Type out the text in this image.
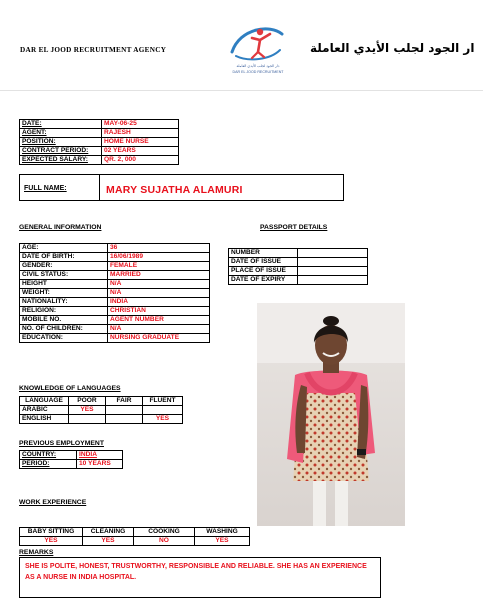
DAR EL JOOD RECRUITMENT AGENCY
دار الجود لجلب الأيدي العاملة
DAR EL JOOD RECRUITMENT
ار الجود لجلب الأيدي العاملة
DATE:	MAY-06-25
AGENT:	RAJESH
POSITION:	HOME NURSE
CONTRACT PERIOD:	02 YEARS
EXPECTED SALARY:	QR. 2, 000
FULL NAME:	MARY SUJATHA ALAMURI
GENERAL INFORMATION
AGE:	36
DATE OF BIRTH:	16/06/1989
GENDER:	FEMALE
CIVIL STATUS:	MARRIED
HEIGHT	N/A
WEIGHT:	N/A
NATIONALITY:	INDIA
RELIGION:	CHRISTIAN
MOBILE NO.	AGENT NUMBER
NO. OF CHILDREN:	N/A
EDUCATION:	NURSING GRADUATE
PASSPORT DETAILS
NUMBER	
DATE OF ISSUE	
PLACE OF ISSUE	
DATE OF EXPIRY	
KNOWLEDGE OF LANGUAGES
LANGUAGE	POOR	FAIR	FLUENT
ARABIC	YES		
ENGLISH			YES
PREVIOUS EMPLOYMENT
COUNTRY:	INDIA
PERIOD:	10 YEARS
WORK EXPERIENCE
BABY SITTING	CLEANING	COOKING	WASHING
YES	YES	NO	YES
REMARKS
SHE IS POLITE, HONEST, TRUSTWORTHY, RESPONSIBLE AND RELIABLE. SHE HAS AN EXPERIENCE AS A NURSE IN INDIA HOSPITAL.
